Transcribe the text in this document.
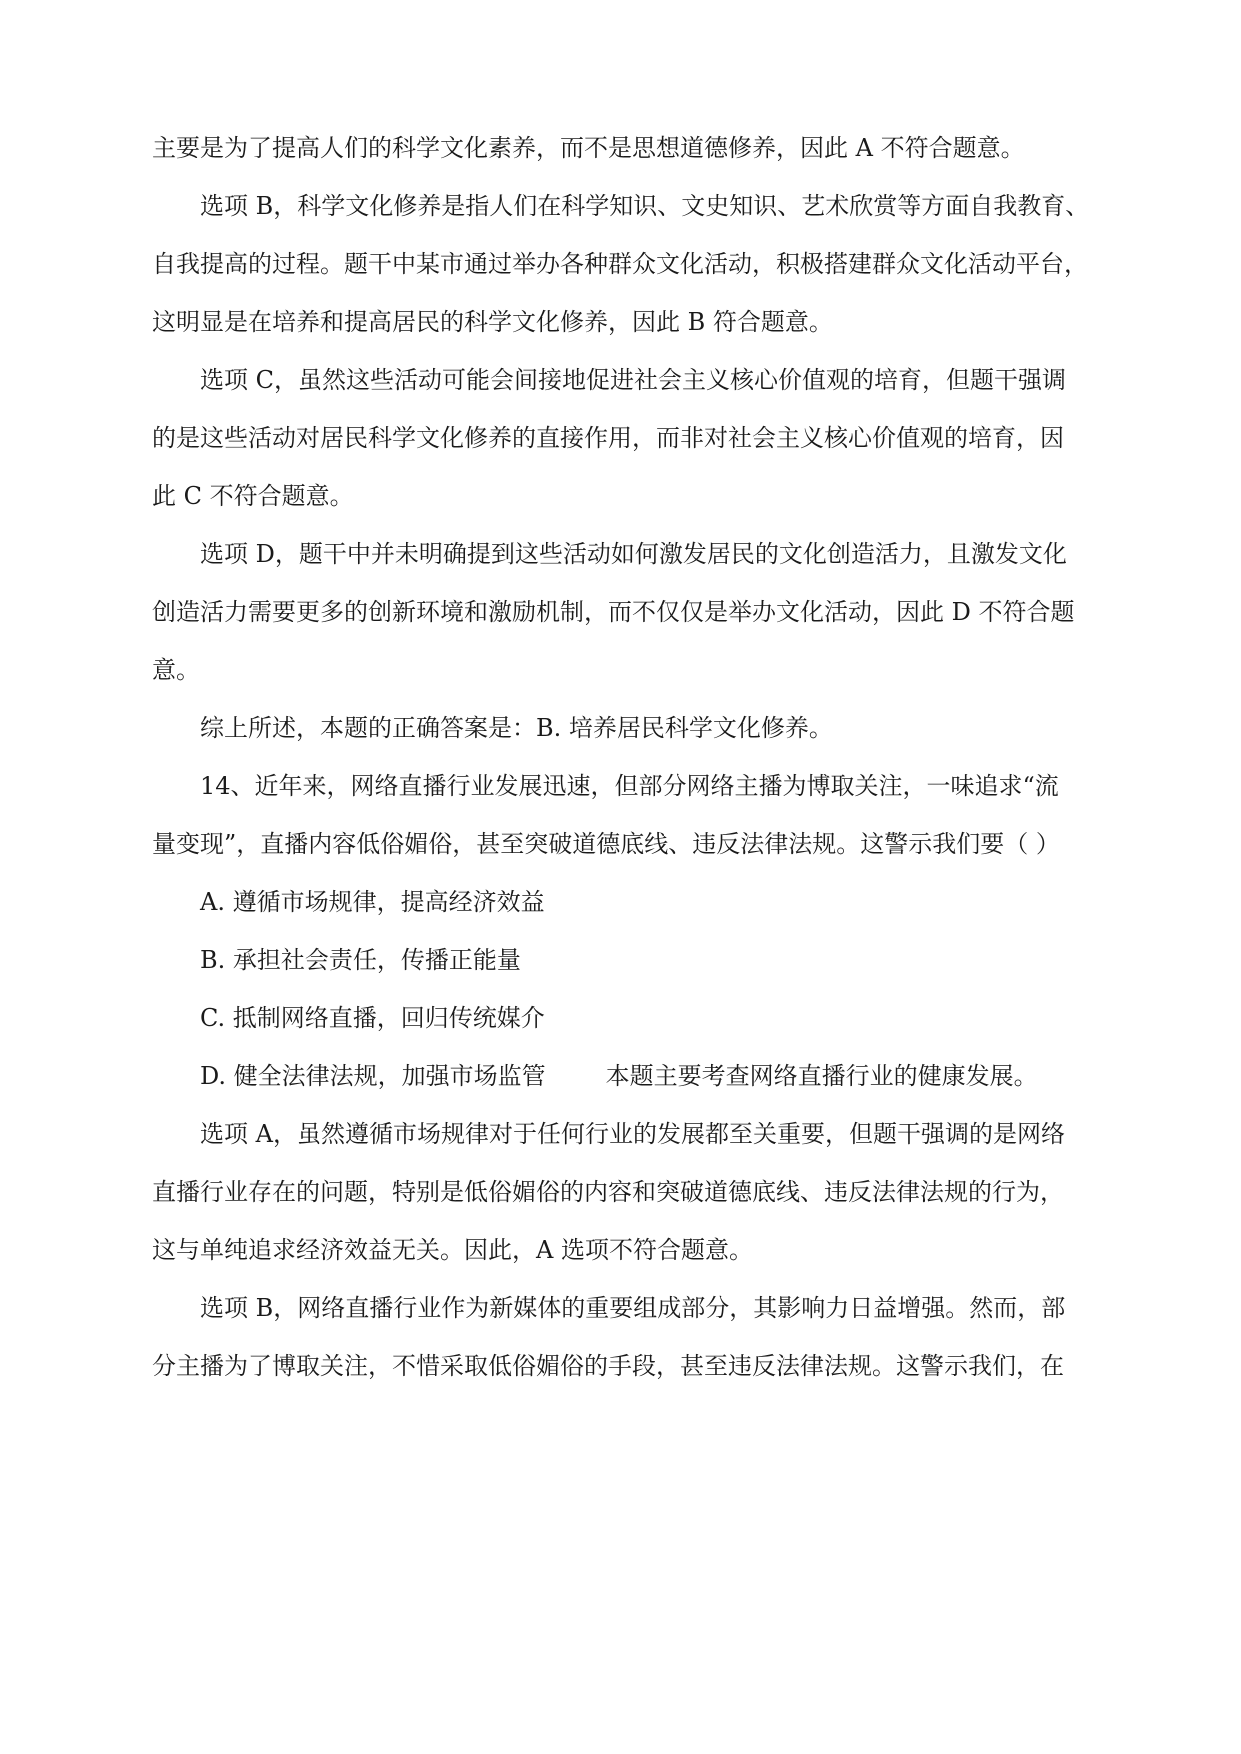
主要是为了提高人们的科学文化素养，而不是思想道德修养，因此 A 不符合题意。
选项 B，科学文化修养是指人们在科学知识、文史知识、艺术欣赏等方面自我教育、
自我提高的过程。题干中某市通过举办各种群众文化活动，积极搭建群众文化活动平台，
这明显是在培养和提高居民的科学文化修养，因此 B 符合题意。
选项 C，虽然这些活动可能会间接地促进社会主义核心价值观的培育，但题干强调
的是这些活动对居民科学文化修养的直接作用，而非对社会主义核心价值观的培育，因
此 C 不符合题意。
选项 D，题干中并未明确提到这些活动如何激发居民的文化创造活力，且激发文化
创造活力需要更多的创新环境和激励机制，而不仅仅是举办文化活动，因此 D 不符合题
意。
综上所述，本题的正确答案是：B. 培养居民科学文化修养。
14、近年来，网络直播行业发展迅速，但部分网络主播为博取关注，一味追求“流
量变现”，直播内容低俗媚俗，甚至突破道德底线、违反法律法规。这警示我们要（ ）
A. 遵循市场规律，提高经济效益
B. 承担社会责任，传播正能量
C. 抵制网络直播，回归传统媒介
D. 健全法律法规，加强市场监管	本题主要考查网络直播行业的健康发展。
选项 A，虽然遵循市场规律对于任何行业的发展都至关重要，但题干强调的是网络
直播行业存在的问题，特别是低俗媚俗的内容和突破道德底线、违反法律法规的行为，
这与单纯追求经济效益无关。因此，A 选项不符合题意。
选项 B，网络直播行业作为新媒体的重要组成部分，其影响力日益增强。然而，部
分主播为了博取关注，不惜采取低俗媚俗的手段，甚至违反法律法规。这警示我们，在
